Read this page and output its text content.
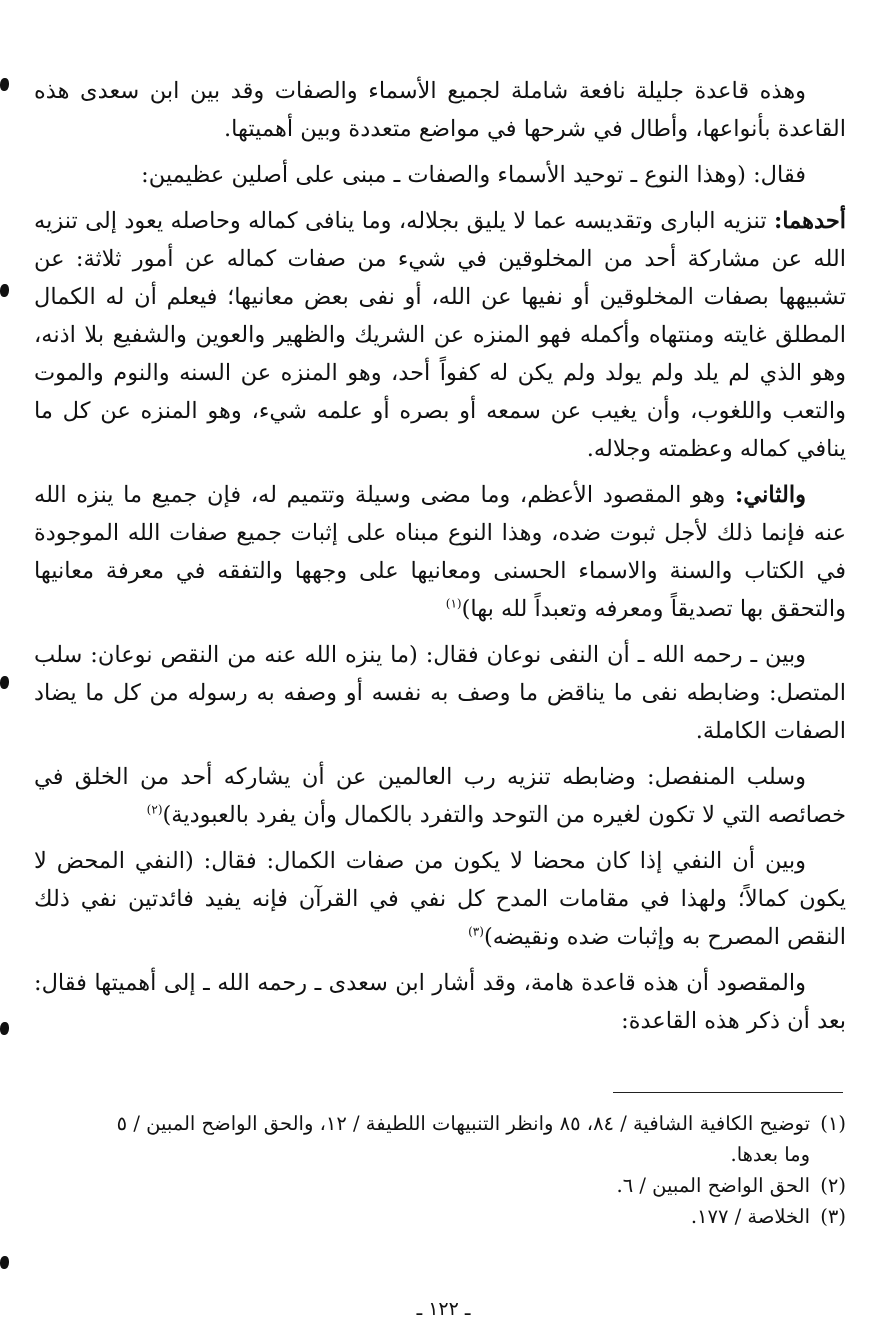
وهذه قاعدة جليلة نافعة شاملة لجميع الأسماء والصفات وقد بين ابن سعدى هذه القاعدة بأنواعها، وأطال في شرحها في مواضع متعددة وبين أهميتها.

فقال: (وهذا النوع ـ توحيد الأسماء والصفات ـ مبنى على أصلين عظيمين:

أحدهما: تنزيه البارى وتقديسه عما لا يليق بجلاله، وما ينافى كماله وحاصله يعود إلى تنزيه الله عن مشاركة أحد من المخلوقين في شيء من صفات كماله عن أمور ثلاثة: عن تشبيهها بصفات المخلوقين أو نفيها عن الله، أو نفى بعض معانيها؛ فيعلم أن له الكمال المطلق غايته ومنتهاه وأكمله فهو المنزه عن الشريك والظهير والعوين والشفيع بلا اذنه، وهو الذي لم يلد ولم يولد ولم يكن له كفواً أحد، وهو المنزه عن السنه والنوم والموت والتعب واللغوب، وأن يغيب عن سمعه أو بصره أو علمه شيء، وهو المنزه عن كل ما ينافي كماله وعظمته وجلاله.

والثاني: وهو المقصود الأعظم، وما مضى وسيلة وتتميم له، فإن جميع ما ينزه الله عنه فإنما ذلك لأجل ثبوت ضده، وهذا النوع مبناه على إثبات جميع صفات الله الموجودة في الكتاب والسنة والاسماء الحسنى ومعانيها على وجهها والتفقه في معرفة معانيها والتحقق بها تصديقاً ومعرفه وتعبداً لله بها)$^{(١)}$

وبين ـ رحمه الله ـ أن النفى نوعان فقال: (ما ينزه الله عنه من النقص نوعان: سلب المتصل: وضابطه نفى ما يناقض ما وصف به نفسه أو وصفه به رسوله من كل ما يضاد الصفات الكاملة.

وسلب المنفصل: وضابطه تنزيه رب العالمين عن أن يشاركه أحد من الخلق في خصائصه التي لا تكون لغيره من التوحد والتفرد بالكمال وأن يفرد بالعبودية)$^{(٢)}$

وبين أن النفي إذا كان محضا لا يكون من صفات الكمال: فقال: (النفي المحض لا يكون كمالاً؛ ولهذا في مقامات المدح كل نفي في القرآن فإنه يفيد فائدتين نفي ذلك النقص المصرح به وإثبات ضده ونقيضه)$^{(٣)}$

والمقصود أن هذه قاعدة هامة، وقد أشار ابن سعدى ـ رحمه الله ـ إلى أهميتها فقال: بعد أن ذكر هذه القاعدة:

(١)توضيح الكافية الشافية / ٨٤، ٨٥ وانظر التنبيهات اللطيفة / ١٢، والحق الواضح المبين / ٥

وما بعدها.

(٢)الحق الواضح المبين / ٦.

(٣)الخلاصة / ١٧٧.

ـ ١٢٢ ـ
